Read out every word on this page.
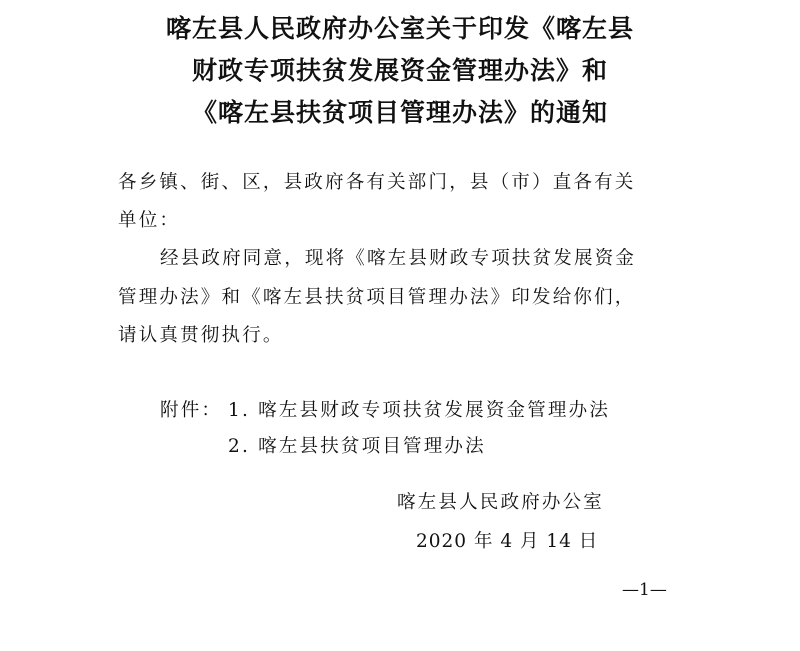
喀左县人民政府办公室关于印发《喀左县
财政专项扶贫发展资金管理办法》和
《喀左县扶贫项目管理办法》的通知
各乡镇、街、区，县政府各有关部门，县（市）直各有关
单位：
经县政府同意，现将《喀左县财政专项扶贫发展资金
管理办法》和《喀左县扶贫项目管理办法》印发给你们，
请认真贯彻执行。
附件： 1. 喀左县财政专项扶贫发展资金管理办法
2. 喀左县扶贫项目管理办法
喀左县人民政府办公室
2020 年 4 月 14 日
—1—
